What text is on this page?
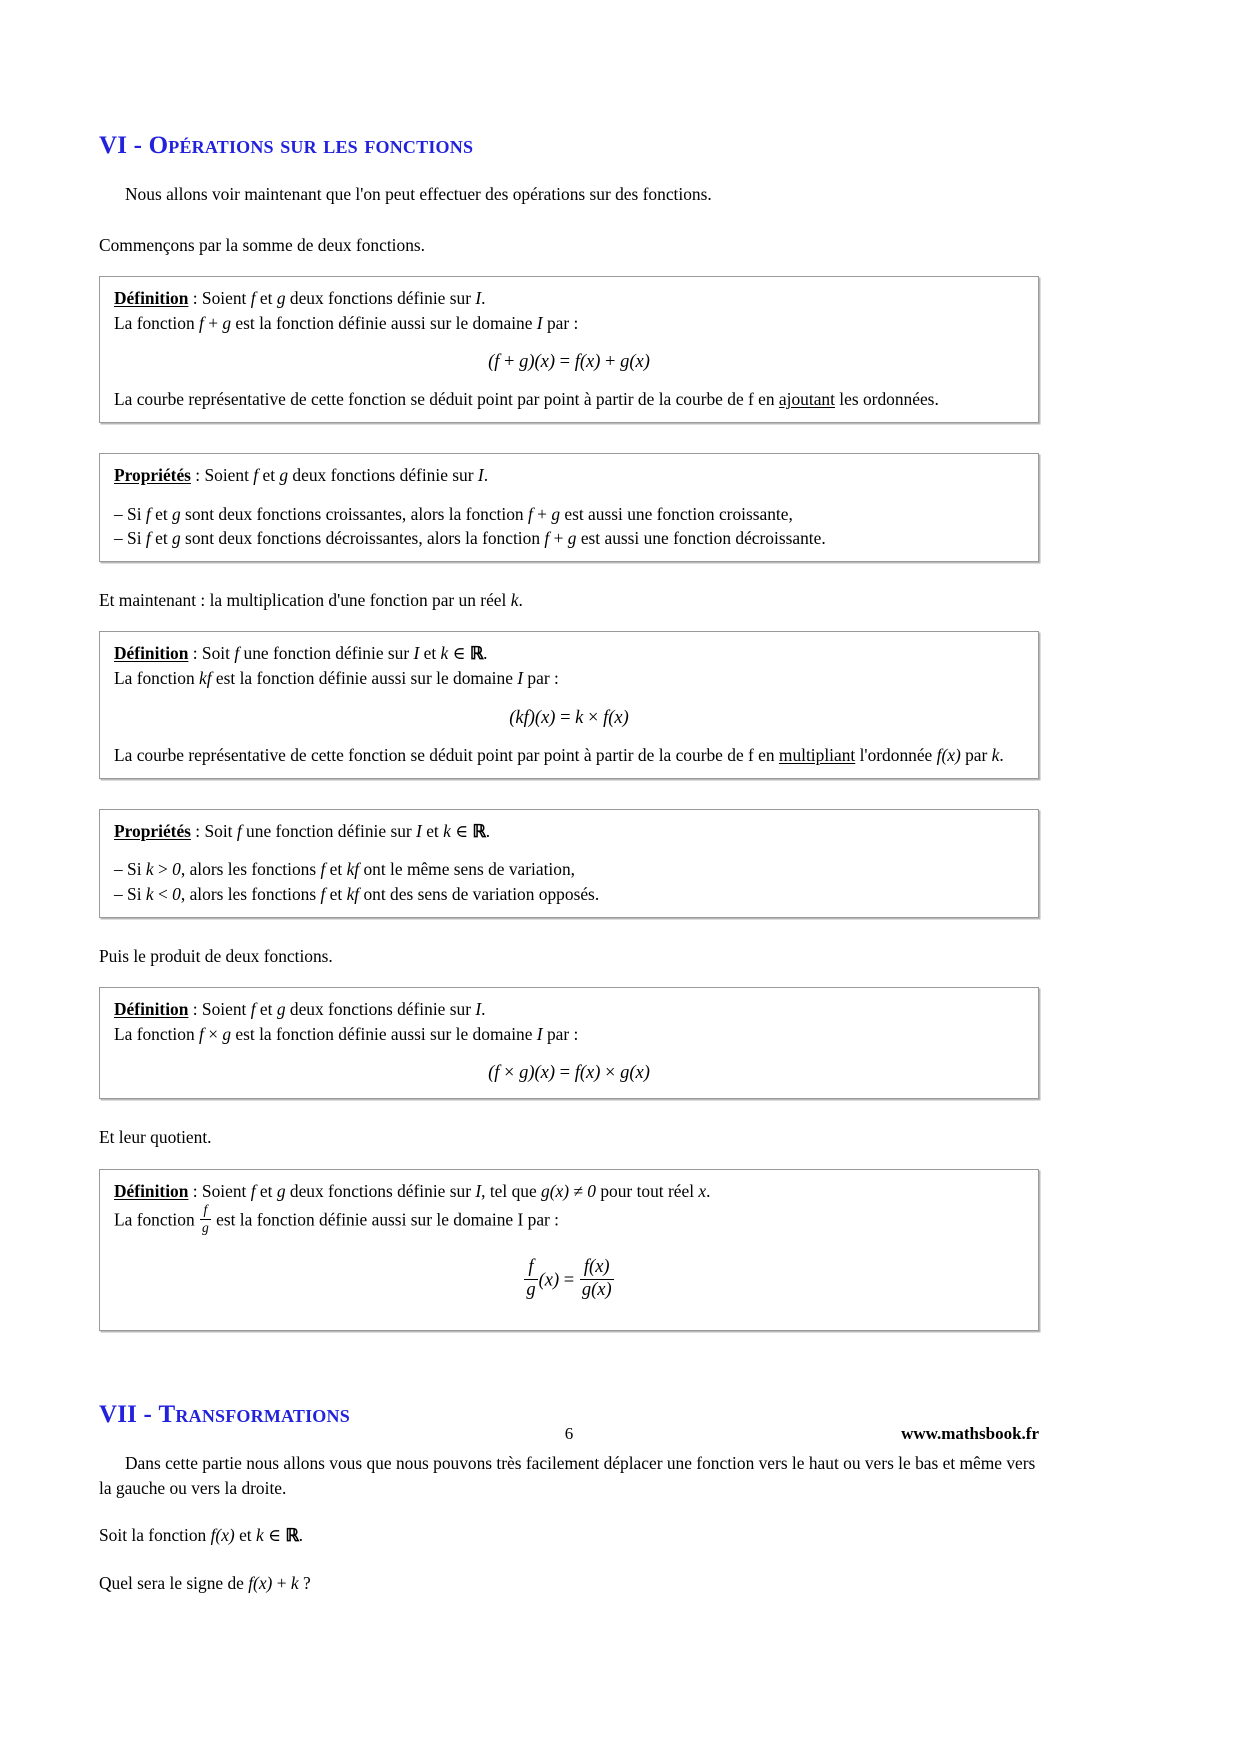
VI - Opérations sur les fonctions

Nous allons voir maintenant que l'on peut effectuer des opérations sur des fonctions.

Commençons par la somme de deux fonctions.

Définition : Soient f et g deux fonctions définie sur I.
La fonction f + g est la fonction définie aussi sur le domaine I par :
(f + g)(x) = f(x) + g(x)
La courbe représentative de cette fonction se déduit point par point à partir de la courbe de f en ajoutant les ordonnées.
Propriétés : Soient f et g deux fonctions définie sur I.
– Si f et g sont deux fonctions croissantes, alors la fonction f + g est aussi une fonction croissante,
– Si f et g sont deux fonctions décroissantes, alors la fonction f + g est aussi une fonction décroissante.

Et maintenant : la multiplication d'une fonction par un réel k.

Définition : Soit f une fonction définie sur I et k ∈ ℝ.
La fonction kf est la fonction définie aussi sur le domaine I par :
(kf)(x) = k × f(x)
La courbe représentative de cette fonction se déduit point par point à partir de la courbe de f en multipliant l'ordonnée f(x) par k.
Propriétés : Soit f une fonction définie sur I et k ∈ ℝ.
– Si k > 0, alors les fonctions f et kf ont le même sens de variation,
– Si k < 0, alors les fonctions f et kf ont des sens de variation opposés.

Puis le produit de deux fonctions.

Définition : Soient f et g deux fonctions définie sur I.
La fonction f × g est la fonction définie aussi sur le domaine I par :
(f × g)(x) = f(x) × g(x)

Et leur quotient.

Définition : Soient f et g deux fonctions définie sur I, tel que g(x) ≠ 0 pour tout réel x.
La fonction $\frac{f}{g}$ est la fonction définie aussi sur le domaine I par :
$\frac{f}{g} (x) = \frac{f(x)}{g(x)}$
VII - Transformations

Dans cette partie nous allons vous que nous pouvons très facilement déplacer une fonction vers le haut ou vers le bas et même vers la gauche ou vers la droite.

Soit la fonction f(x) et k ∈ ℝ.

Quel sera le signe de f(x) + k ?

6	www.mathsbook.fr
